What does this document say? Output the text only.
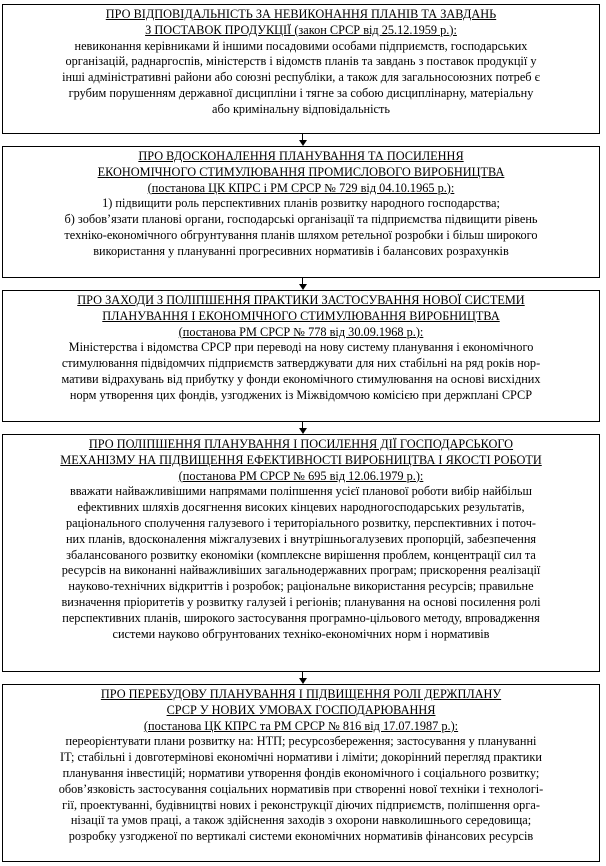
ПРО ВІДПОВІДАЛЬНІСТЬ ЗА НЕВИКОНАННЯ ПЛАНІВ ТА ЗАВДАНЬ
З ПОСТАВОК ПРОДУКЦІЇ (закон СРСР від 25.12.1959 р.):
невиконання керівниками й іншими посадовими особами підприємств, господарських
організацій, раднаргоспів, міністерств і відомств планів та завдань з поставок продукції у
інші адміністративні райони або союзні республіки, а також для загальносоюзних потреб є
грубим порушенням державної дисципліни і тягне за собою дисциплінарну, матеріальну
або кримінальну відповідальність
ПРО ВДОСКОНАЛЕННЯ ПЛАНУВАННЯ ТА ПОСИЛЕННЯ
ЕКОНОМІЧНОГО СТИМУЛЮВАННЯ ПРОМИСЛОВОГО ВИРОБНИЦТВА
(постанова ЦК КПРС і РМ СРСР № 729 від 04.10.1965 р.):
1) підвищити роль перспективних планів розвитку народного господарства;
б) зобов’язати планові органи, господарські організації та підприємства підвищити рівень
техніко-економічного обгрунтування планів шляхом ретельної розробки і більш широкого
використання у плануванні прогресивних нормативів і балансових розрахунків
ПРО ЗАХОДИ З ПОЛІПШЕННЯ ПРАКТИКИ ЗАСТОСУВАННЯ НОВОЇ СИСТЕМИ
ПЛАНУВАННЯ І ЕКОНОМІЧНОГО СТИМУЛЮВАННЯ ВИРОБНИЦТВА
(постанова РМ СРСР № 778 від 30.09.1968 р.):
Міністерства і відомства СРСР при переводі на нову систему планування і економічного
стимулювання підвідомчих підприємств затверджувати для них стабільні на ряд років нор-
мативи відрахувань від прибутку у фонди економічного стимулювання на основі висхідних
норм утворення цих фондів, узгоджених із Міжвідомчою комісією при держплані СРСР
ПРО ПОЛІПШЕННЯ ПЛАНУВАННЯ І ПОСИЛЕННЯ ДІЇ ГОСПОДАРСЬКОГО
МЕХАНІЗМУ НА ПІДВИЩЕННЯ ЕФЕКТИВНОСТІ ВИРОБНИЦТВА І ЯКОСТІ РОБОТИ
(постанова РМ СРСР № 695 від 12.06.1979 р.):
вважати найважливішими напрямами поліпшення усієї планової роботи вибір найбільш
ефективних шляхів досягнення високих кінцевих народногосподарських результатів,
раціонального сполучення галузевого і територіального розвитку, перспективних і поточ-
них планів, вдосконалення міжгалузевих і внутрішньогалузевих пропорцій, забезпечення
збалансованого розвитку економіки (комплексне вирішення проблем, концентрації сил та
ресурсів на виконанні найважливіших загальнодержавних програм; прискорення реалізації
науково-технічних відкриттів і розробок; раціональне використання ресурсів; правильне
визначення пріоритетів у розвитку галузей і регіонів; планування на основі посилення ролі
перспективних планів, широкого застосування програмно-цільового методу, впровадження
системи науково обгрунтованих техніко-економічних норм і нормативів
ПРО ПЕРЕБУДОВУ ПЛАНУВАННЯ І ПІДВИЩЕННЯ РОЛІ ДЕРЖПЛАНУ
СРСР У НОВИХ УМОВАХ ГОСПОДАРЮВАННЯ
(постанова ЦК КПРС та РМ СРСР № 816 від 17.07.1987 р.):
переорієнтувати плани розвитку на: НТП; ресурсозбереження; застосування у плануванні
IT; стабільні і довготермінові економічні нормативи і ліміти; докорінний перегляд практики
планування інвестицій; нормативи утворення фондів економічного і соціального розвитку;
обов’язковість застосування соціальних нормативів при створенні нової техніки і технологі-
гії, проектуванні, будівництві нових і реконструкції діючих підприємств, поліпшення орга-
нізації та умов праці, а також здійснення заходів з охорони навколишнього середовища;
розробку узгодженої по вертикалі системи економічних нормативів фінансових ресурсів
